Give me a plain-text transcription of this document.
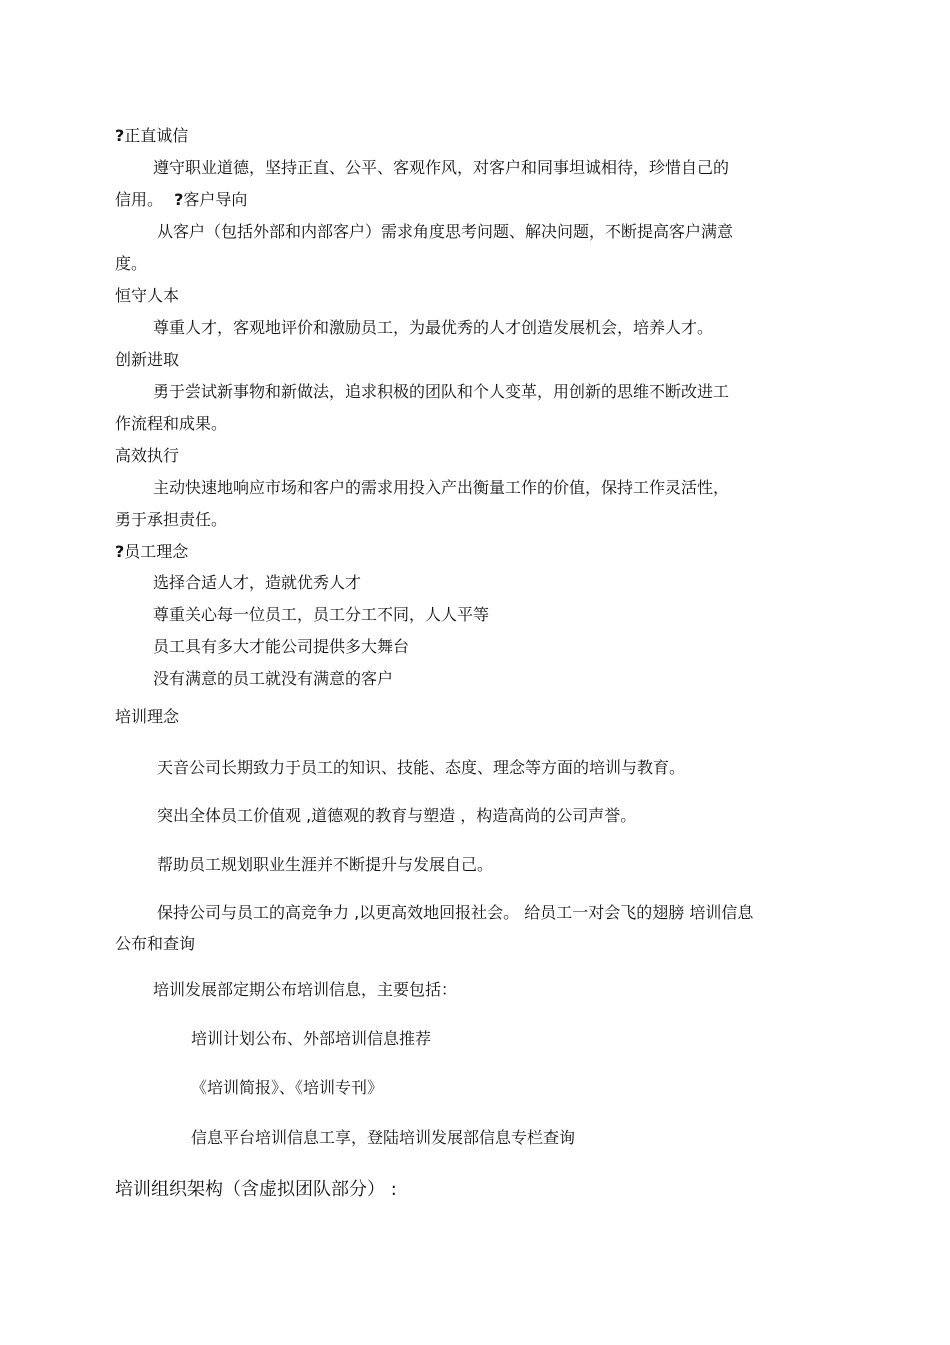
?正直诚信
遵守职业道德，坚持正直、公平、客观作风，对客户和同事坦诚相待，珍惜自己的
信用。 ?客户导向
从客户（包括外部和内部客户）需求角度思考问题、解决问题，不断提高客户满意
度。
恒守人本
尊重人才，客观地评价和激励员工，为最优秀的人才创造发展机会，培养人才。
创新进取
勇于尝试新事物和新做法，追求积极的团队和个人变革，用创新的思维不断改进工
作流程和成果。
高效执行
主动快速地响应市场和客户的需求用投入产出衡量工作的价值，保持工作灵活性，
勇于承担责任。
?员工理念
选择合适人才，造就优秀人才
尊重关心每一位员工，员工分工不同，人人平等
员工具有多大才能公司提供多大舞台
没有满意的员工就没有满意的客户
培训理念
天音公司长期致力于员工的知识、技能、态度、理念等方面的培训与教育。
突出全体员工价值观 ,道德观的教育与塑造 ，构造高尚的公司声誉。
帮助员工规划职业生涯并不断提升与发展自己。
保持公司与员工的高竞争力 ,以更高效地回报社会。 给员工一对会飞的翅膀 培训信息
公布和查询
培训发展部定期公布培训信息，主要包括：
培训计划公布、外部培训信息推荐
《培训简报》、《培训专刊》
信息平台培训信息工享，登陆培训发展部信息专栏查询
培训组织架构（含虚拟团队部分） :
